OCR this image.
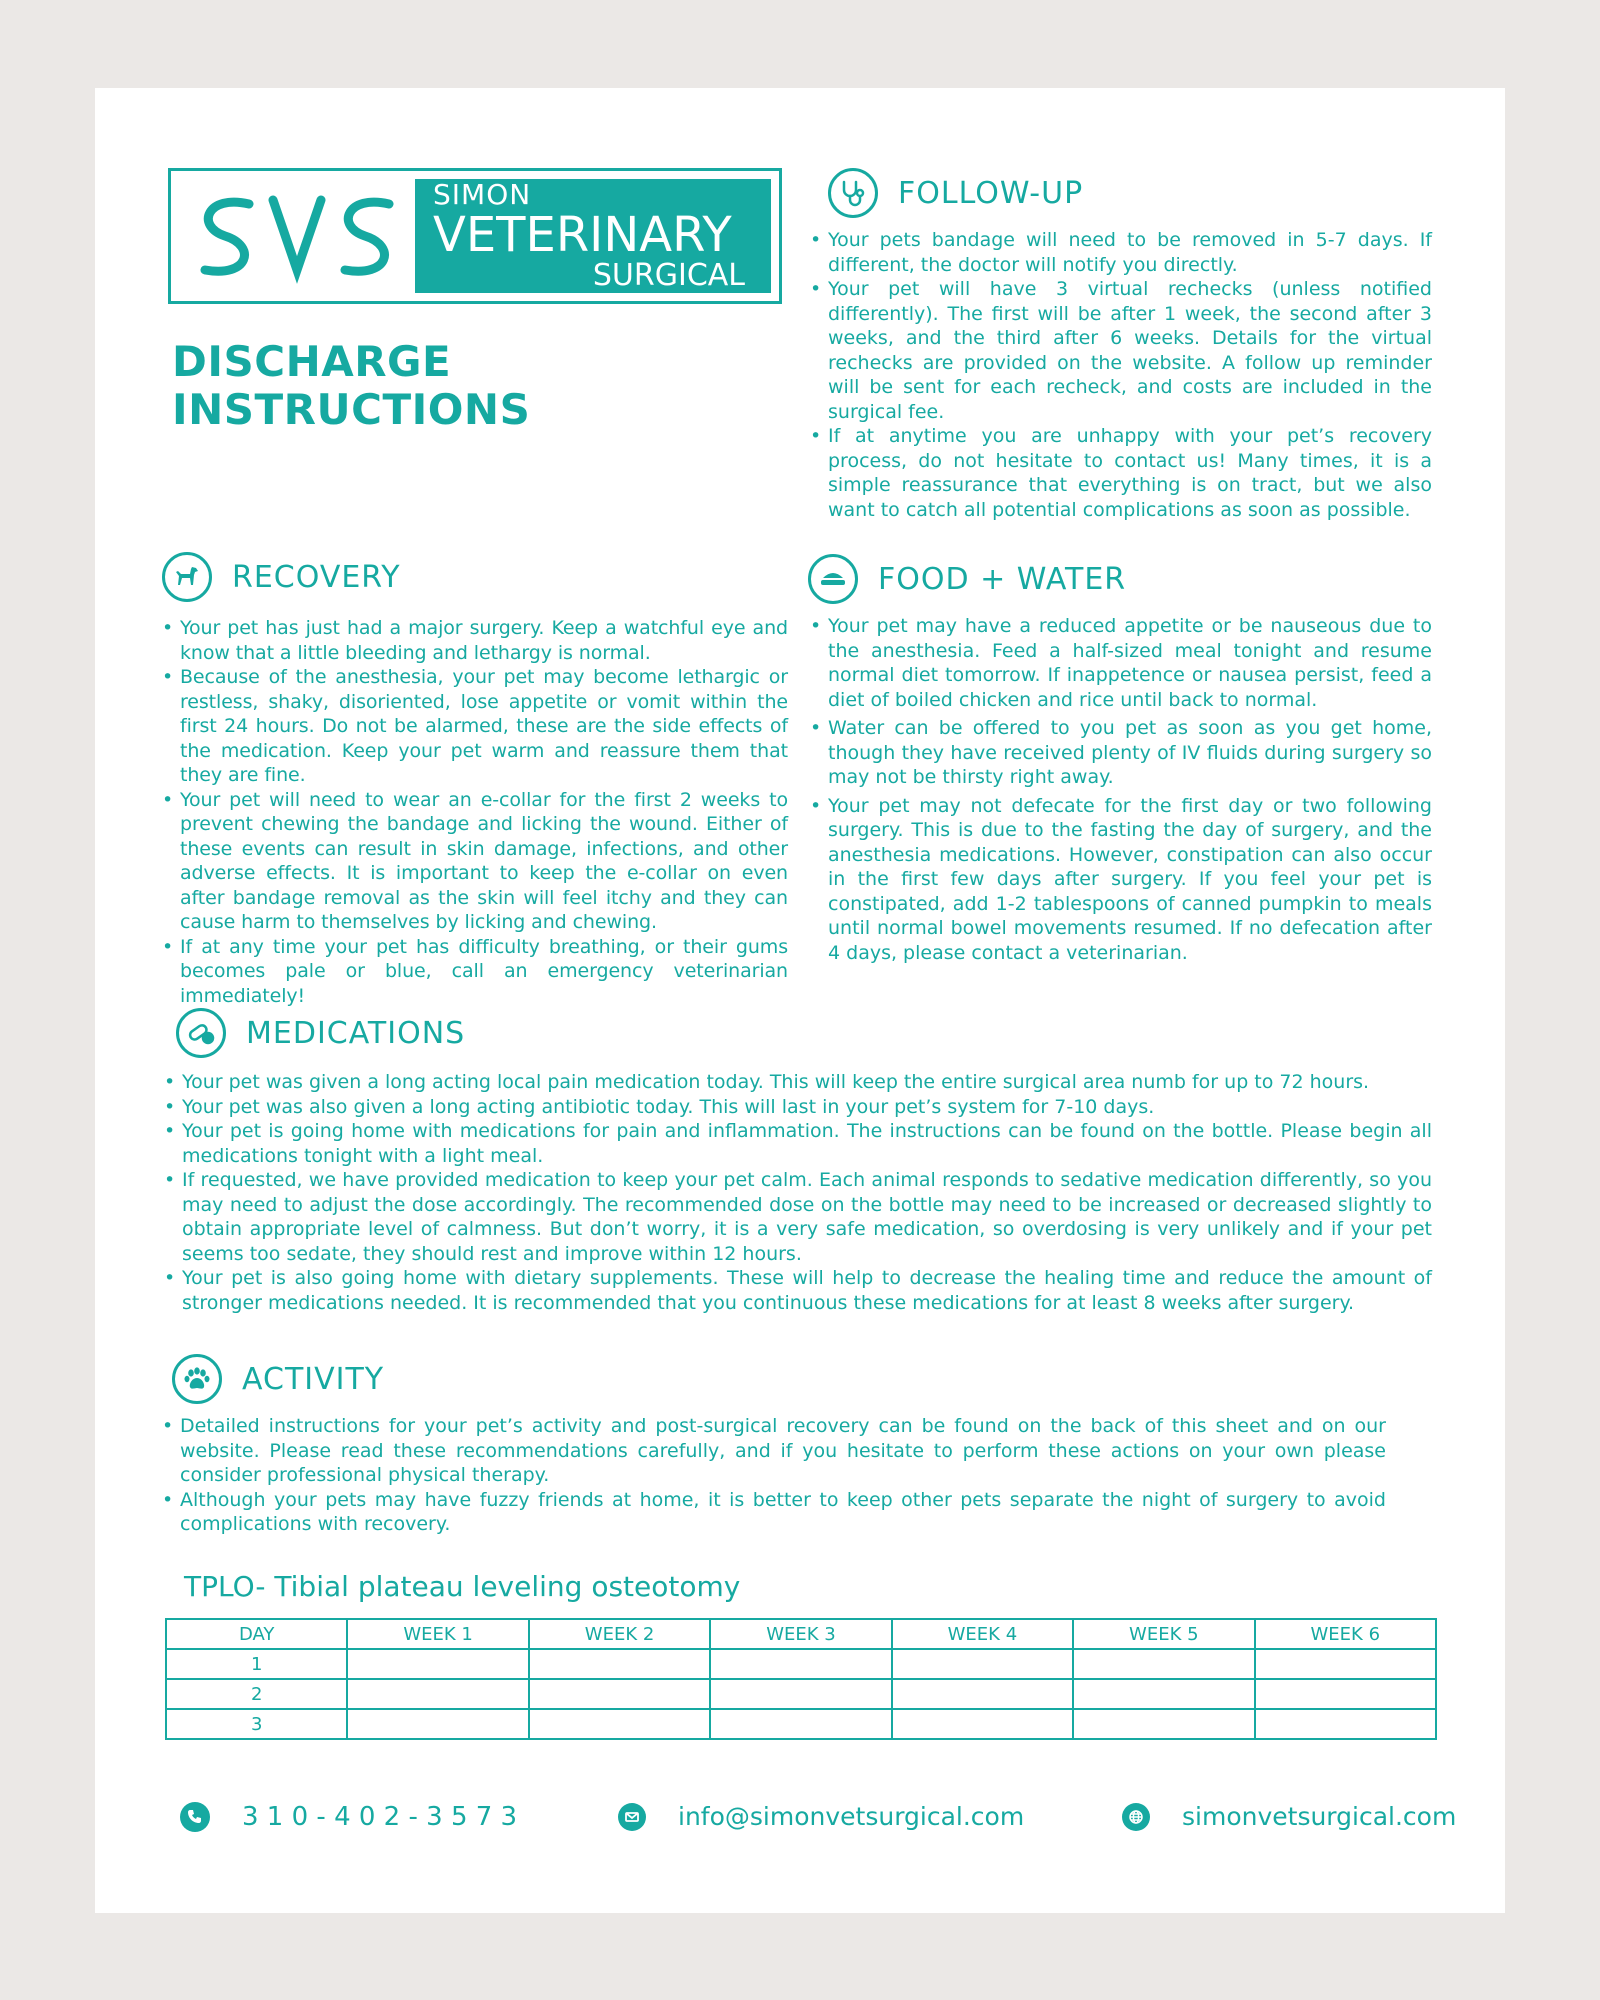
SIMON
VETERINARY
SURGICAL
DISCHARGE
INSTRUCTIONS
FOLLOW-UP
• Your pets bandage will need to be removed in 5-7 days. If different, the doctor will notify you directly.
• Your pet will have 3 virtual rechecks (unless notified differently). The first will be after 1 week, the second after 3 weeks, and the third after 6 weeks. Details for the virtual rechecks are provided on the website. A follow up reminder will be sent for each recheck, and costs are included in the surgical fee.
• If at anytime you are unhappy with your pet’s recovery process, do not hesitate to contact us! Many times, it is a simple reassurance that everything is on tract, but we also want to catch all potential complications as soon as possible.
RECOVERY
• Your pet has just had a major surgery. Keep a watchful eye and know that a little bleeding and lethargy is normal.
• Because of the anesthesia, your pet may become lethargic or restless, shaky, disoriented, lose appetite or vomit within the first 24 hours. Do not be alarmed, these are the side effects of the medication. Keep your pet warm and reassure them that they are fine.
• Your pet will need to wear an e-collar for the first 2 weeks to prevent chewing the bandage and licking the wound. Either of these events can result in skin damage, infections, and other adverse effects. It is important to keep the e-collar on even after bandage removal as the skin will feel itchy and they can cause harm to themselves by licking and chewing.
• If at any time your pet has difficulty breathing, or their gums becomes pale or blue, call an emergency veterinarian immediately!
FOOD + WATER
• Your pet may have a reduced appetite or be nauseous due to the anesthesia. Feed a half-sized meal tonight and resume normal diet tomorrow. If inappetence or nausea persist, feed a diet of boiled chicken and rice until back to normal.
• Water can be offered to you pet as soon as you get home, though they have received plenty of IV fluids during surgery so may not be thirsty right away.
• Your pet may not defecate for the first day or two following surgery. This is due to the fasting the day of surgery, and the anesthesia medications. However, constipation can also occur in the first few days after surgery. If you feel your pet is constipated, add 1-2 tablespoons of canned pumpkin to meals until normal bowel movements resumed. If no defecation after 4 days, please contact a veterinarian.
MEDICATIONS
• Your pet was given a long acting local pain medication today. This will keep the entire surgical area numb for up to 72 hours.
• Your pet was also given a long acting antibiotic today. This will last in your pet’s system for 7-10 days.
• Your pet is going home with medications for pain and inflammation. The instructions can be found on the bottle. Please begin all medications tonight with a light meal.
• If requested, we have provided medication to keep your pet calm. Each animal responds to sedative medication differently, so you may need to adjust the dose accordingly. The recommended dose on the bottle may need to be increased or decreased slightly to obtain appropriate level of calmness. But don’t worry, it is a very safe medication, so overdosing is very unlikely and if your pet seems too sedate, they should rest and improve within 12 hours.
• Your pet is also going home with dietary supplements. These will help to decrease the healing time and reduce the amount of stronger medications needed. It is recommended that you continuous these medications for at least 8 weeks after surgery.
ACTIVITY
• Detailed instructions for your pet’s activity and post-surgical recovery can be found on the back of this sheet and on our website. Please read these recommendations carefully, and if you hesitate to perform these actions on your own please consider professional physical therapy.
• Although your pets may have fuzzy friends at home, it is better to keep other pets separate the night of surgery to avoid complications with recovery.
TPLO- Tibial plateau leveling osteotomy
DAY	WEEK 1	WEEK 2	WEEK 3	WEEK 4	WEEK 5	WEEK 6
1						
2						
3						
3 1 0 - 4 0 2 - 3 5 7 3	info@simonvetsurgical.com	simonvetsurgical.com
